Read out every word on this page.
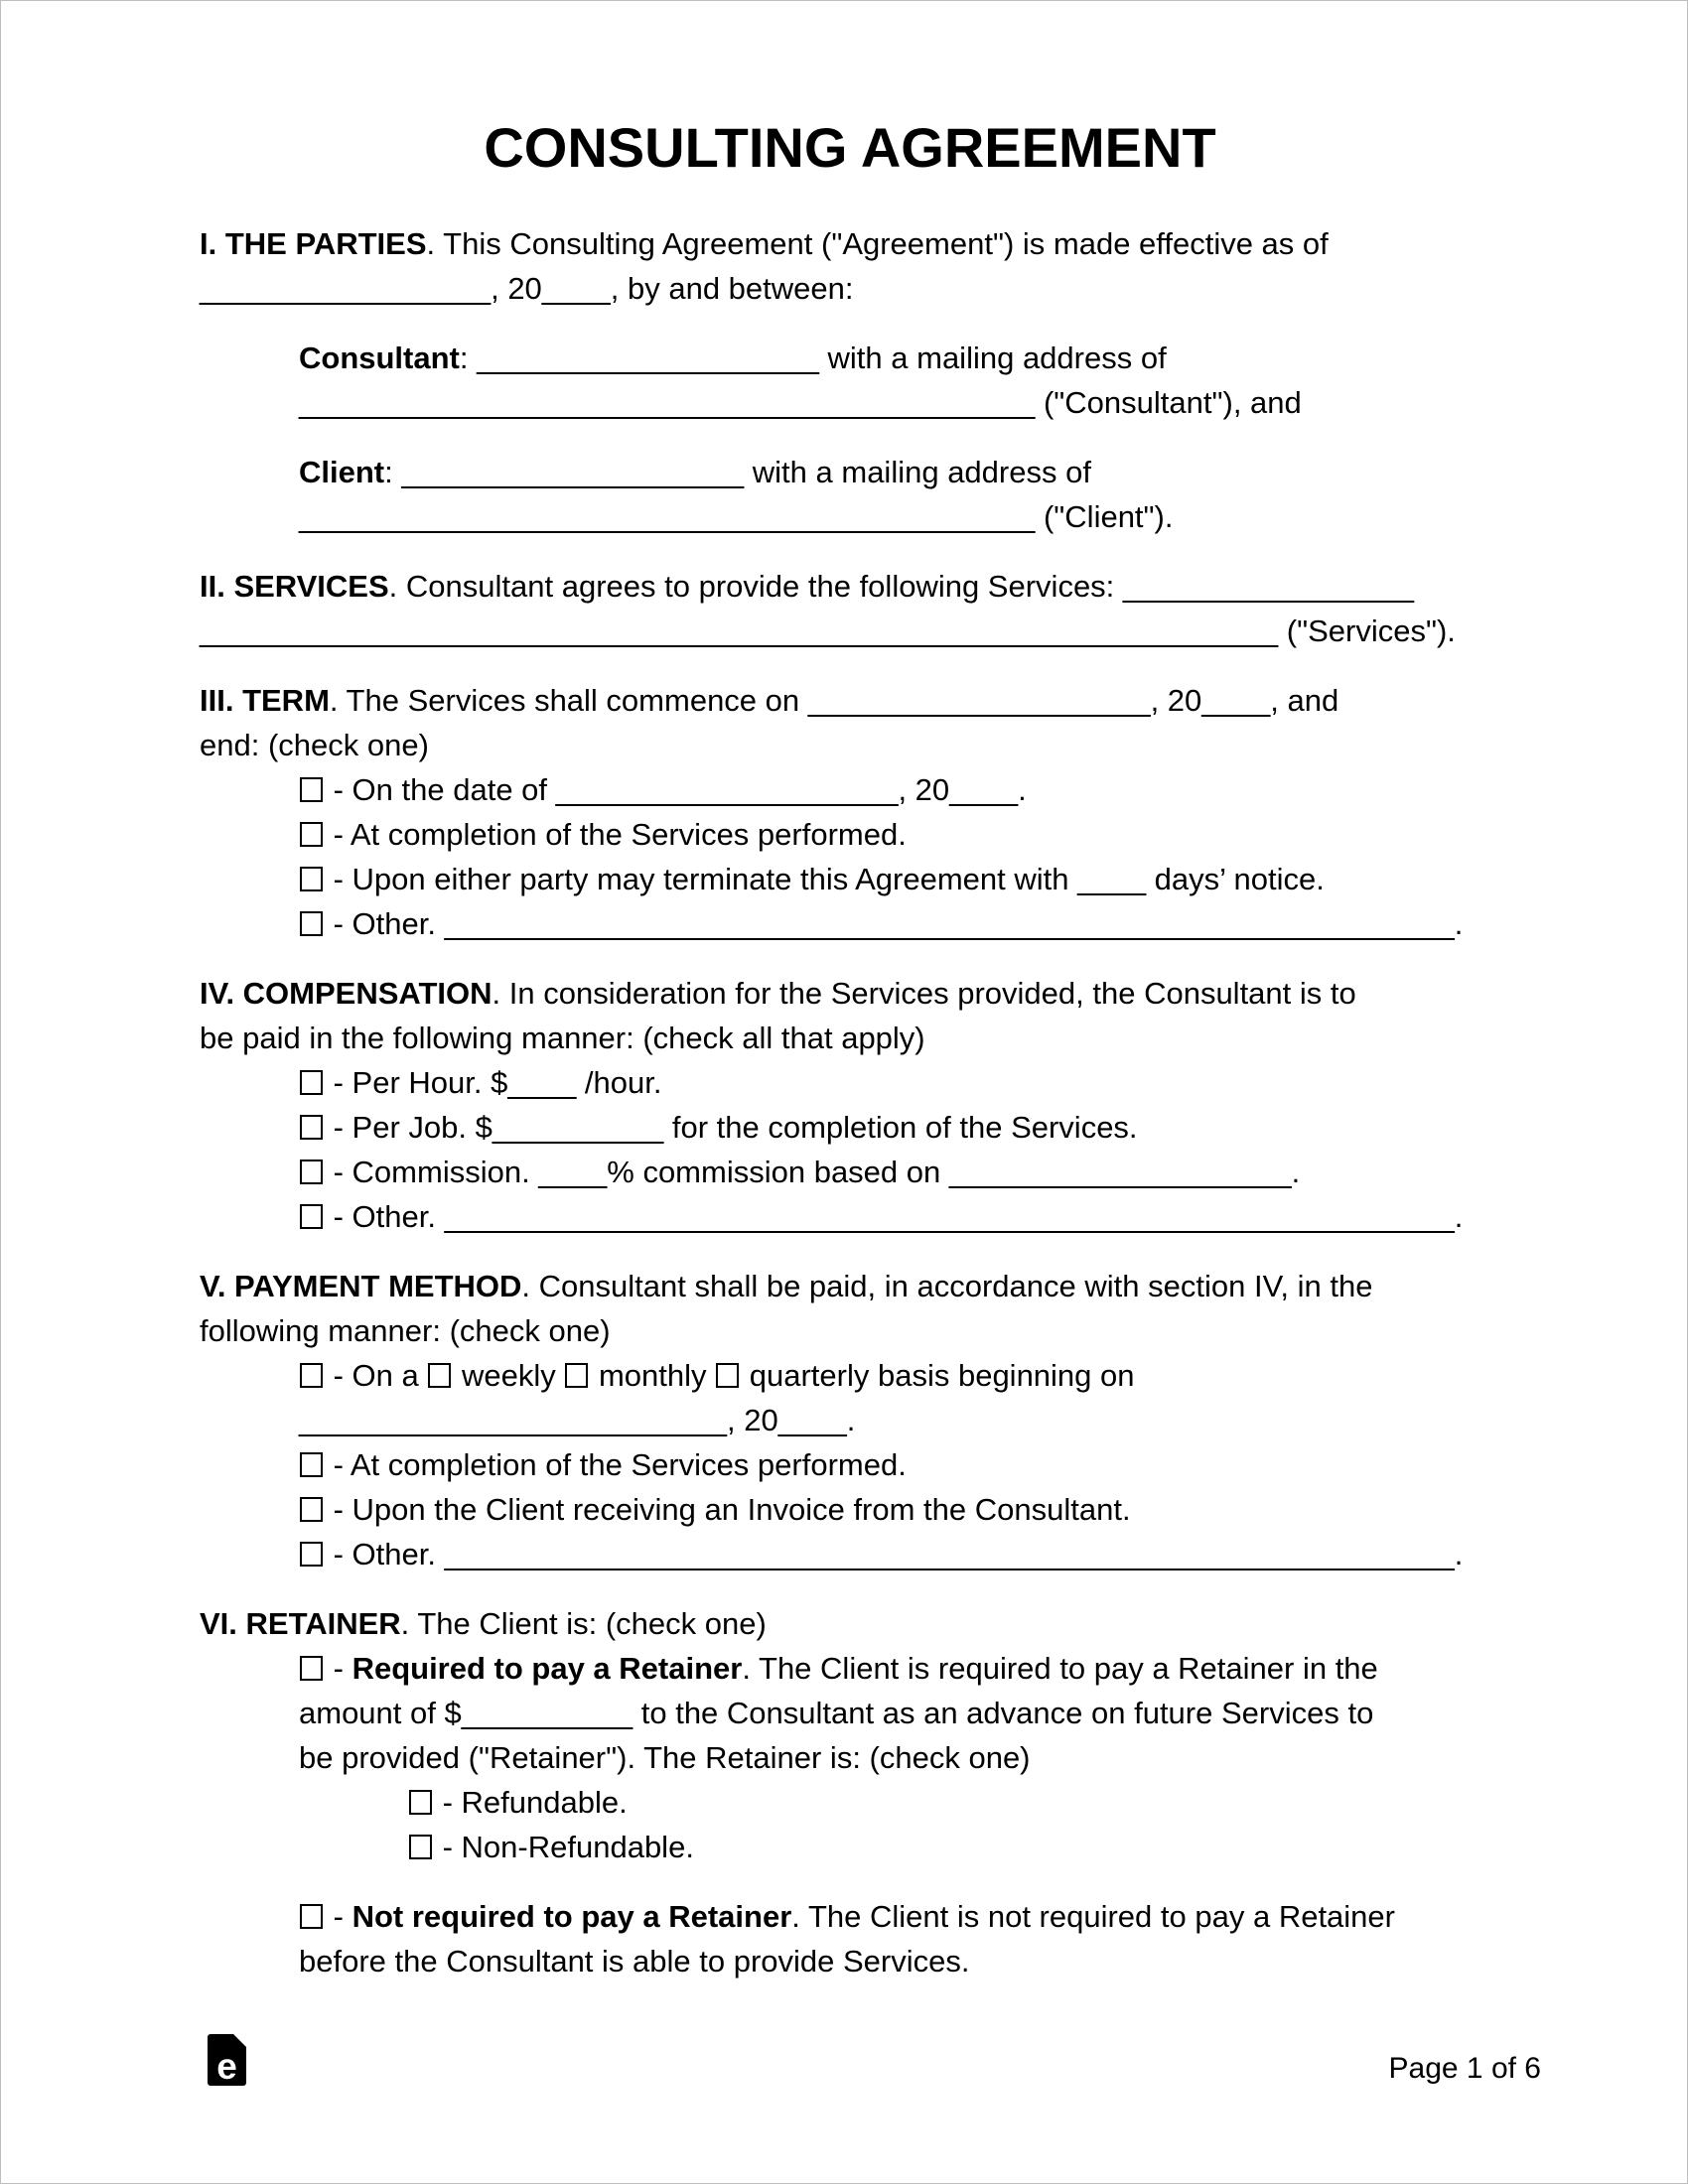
CONSULTING AGREEMENT
I. THE PARTIES. This Consulting Agreement ("Agreement") is made effective as of
_________________, 20____, by and between:
Consultant: ____________________ with a mailing address of
___________________________________________ ("Consultant"), and
Client: ____________________ with a mailing address of
___________________________________________ ("Client").
II. SERVICES. Consultant agrees to provide the following Services: _________________
_______________________________________________________________ ("Services").
III. TERM. The Services shall commence on ____________________, 20____, and
end: (check one)
- On the date of ____________________, 20____.
- At completion of the Services performed.
- Upon either party may terminate this Agreement with ____ days’ notice.
- Other. ___________________________________________________________.
IV. COMPENSATION. In consideration for the Services provided, the Consultant is to
be paid in the following manner: (check all that apply)
- Per Hour. $____ /hour.
- Per Job. $__________ for the completion of the Services.
- Commission. ____% commission based on ____________________.
- Other. ___________________________________________________________.
V. PAYMENT METHOD. Consultant shall be paid, in accordance with section IV, in the
following manner: (check one)
- On a  weekly  monthly  quarterly basis beginning on
_________________________, 20____.
- At completion of the Services performed.
- Upon the Client receiving an Invoice from the Consultant.
- Other. ___________________________________________________________.
VI. RETAINER. The Client is: (check one)
- Required to pay a Retainer. The Client is required to pay a Retainer in the
amount of $__________ to the Consultant as an advance on future Services to
be provided ("Retainer"). The Retainer is: (check one)
- Refundable.
- Non-Refundable.
- Not required to pay a Retainer. The Client is not required to pay a Retainer
before the Consultant is able to provide Services.
e	Page 1 of 6
